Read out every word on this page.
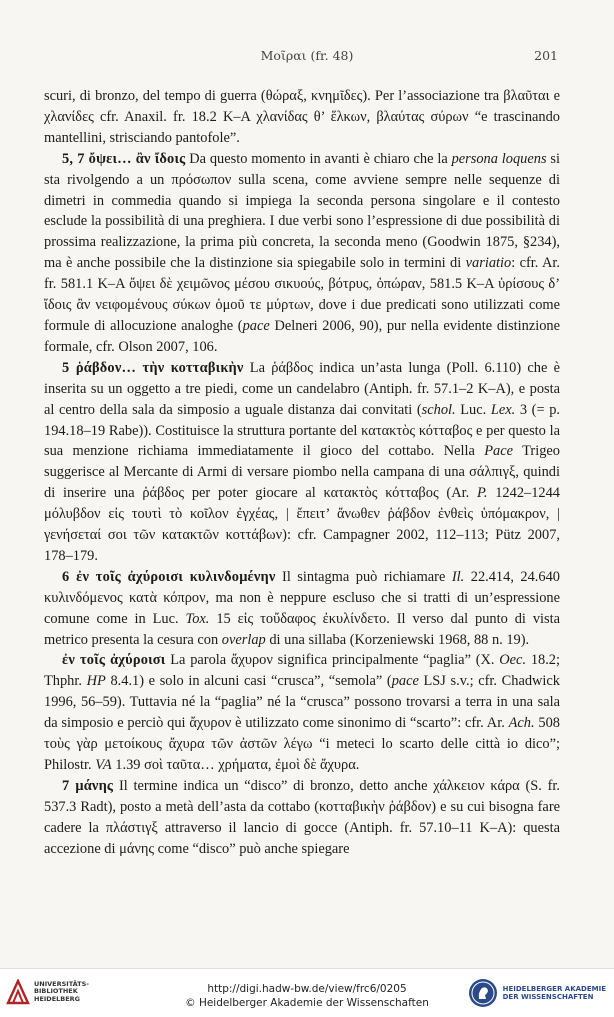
Μοῖραι (fr. 48)	201

scuri, di bronzo, del tempo di guerra (θώραξ, κνημῖδες). Per l’associazione tra βλαῦται e χλανίδες cfr. Anaxil. fr. 18.2 K–A χλανίδας θ’ ἕλκων, βλαύτας σύρων “e trascinando mantellini, strisciando pantofole”.

5, 7 ὄψει… ἂν ἴδοις Da questo momento in avanti è chiaro che la persona loquens si sta rivolgendo a un πρόσωπον sulla scena, come avviene sempre nelle sequenze di dimetri in commedia quando si impiega la seconda persona singolare e il contesto esclude la possibilità di una preghiera. I due verbi sono l’espressione di due possibilità di prossima realizzazione, la prima più concreta, la seconda meno (Goodwin 1875, §234), ma è anche possibile che la distinzione sia spiegabile solo in termini di variatio: cfr. Ar. fr. 581.1 K–A ὄψει δὲ χειμῶνος μέσου σικυούς, βότρυς, ὀπώραν, 581.5 K–A ὑρίσους δ’ ἴδοις ἂν νειφομένους σύκων ὁμοῦ τε μύρτων, dove i due predicati sono utilizzati come formule di allocuzione analoghe (pace Delneri 2006, 90), pur nella evidente distinzione formale, cfr. Olson 2007, 106.

5 ῥάβδον… τὴν κοτταβικὴν La ῥάβδος indica un’asta lunga (Poll. 6.110) che è inserita su un oggetto a tre piedi, come un candelabro (Antiph. fr. 57.1–2 K–A), e posta al centro della sala da simposio a uguale distanza dai convitati (schol. Luc. Lex. 3 (= p. 194.18–19 Rabe)). Costituisce la struttura portante del κατακτὸς κότταβος e per questo la sua menzione richiama immediatamente il gioco del cottabo. Nella Pace Trigeo suggerisce al Mercante di Armi di versare piombo nella campana di una σάλπιγξ, quindi di inserire una ῥάβδος per poter giocare al κατακτὸς κότταβος (Ar. P. 1242–1244 μόλυβδον εἰς τουτὶ τὸ κοῖλον ἐγχέας, | ἔπειτ’ ἄνωθεν ῥάβδον ἐνθεὶς ὑπόμακρον, | γενήσεταί σοι τῶν κατακτῶν κοττάβων): cfr. Campagner 2002, 112–113; Pütz 2007, 178–179.

6 ἐν τοῖς ἀχύροισι κυλινδομένην Il sintagma può richiamare Il. 22.414, 24.640 κυλινδόμενος κατὰ κόπρον, ma non è neppure escluso che si tratti di un’espressione comune come in Luc. Tox. 15 εἰς τοὔδαφος ἐκυλίνδετο. Il verso dal punto di vista metrico presenta la cesura con overlap di una sillaba (Korzeniewski 1968, 88 n. 19).

ἐν τοῖς ἀχύροισι La parola ἄχυρον significa principalmente “paglia” (X. Oec. 18.2; Thphr. HP 8.4.1) e solo in alcuni casi “crusca”, “semola” (pace LSJ s.v.; cfr. Chadwick 1996, 56–59). Tuttavia né la “paglia” né la “crusca” possono trovarsi a terra in una sala da simposio e perciò qui ἄχυρον è utilizzato come sinonimo di “scarto”: cfr. Ar. Ach. 508 τοὺς γὰρ μετοίκους ἄχυρα τῶν ἀστῶν λέγω “i meteci lo scarto delle città io dico”; Philostr. VA 1.39 σοὶ ταῦτα… χρήματα, ἐμοὶ δὲ ἄχυρα.

7 μάνης Il termine indica un “disco” di bronzo, detto anche χάλκειον κάρα (S. fr. 537.3 Radt), posto a metà dell’asta da cottabo (κοτταβικὴν ῥάβδον) e su cui bisogna fare cadere la πλάστιγξ attraverso il lancio di gocce (Antiph. fr. 57.10–11 K–A): questa accezione di μάνης come “disco” può anche spiegare

UNIVERSITÄTS-
BIBLIOTHEK
HEIDELBERG
http://digi.hadw-bw.de/view/frc6/0205
© Heidelberger Akademie der Wissenschaften
HEIDELBERGER AKADEMIE
DER WISSENSCHAFTEN
